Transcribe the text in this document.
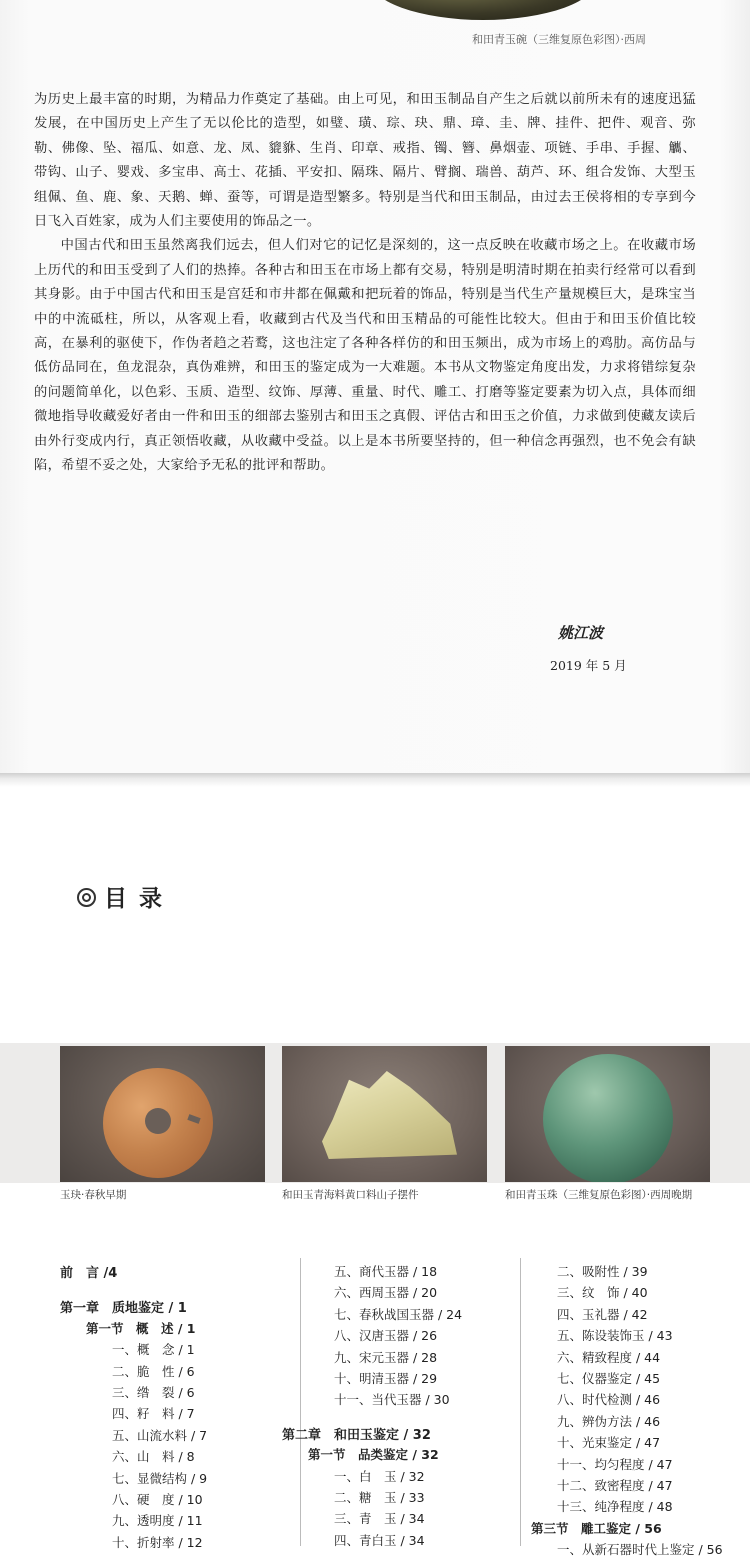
和田青玉碗（三维复原色彩图）·西周

为历史上最丰富的时期，为精品力作奠定了基础。由上可见，和田玉制品自产生之后就以前所未有的速度迅猛发展，在中国历史上产生了无以伦比的造型，如璧、璜、琮、玦、鼎、璋、圭、牌、挂件、把件、观音、弥勒、佛像、坠、福瓜、如意、龙、凤、貔貅、生肖、印章、戒指、镯、簪、鼻烟壶、项链、手串、手握、觿、带钩、山子、婴戏、多宝串、高士、花插、平安扣、隔珠、隔片、臂搁、瑞兽、葫芦、环、组合发饰、大型玉组佩、鱼、鹿、象、天鹅、蝉、蚕等，可谓是造型繁多。特别是当代和田玉制品，由过去王侯将相的专享到今日飞入百姓家，成为人们主要使用的饰品之一。

中国古代和田玉虽然离我们远去，但人们对它的记忆是深刻的，这一点反映在收藏市场之上。在收藏市场上历代的和田玉受到了人们的热捧。各种古和田玉在市场上都有交易，特别是明清时期在拍卖行经常可以看到其身影。由于中国古代和田玉是宫廷和市井都在佩戴和把玩着的饰品，特别是当代生产量规模巨大，是珠宝当中的中流砥柱，所以，从客观上看，收藏到古代及当代和田玉精品的可能性比较大。但由于和田玉价值比较高，在暴利的驱使下，作伪者趋之若鹜，这也注定了各种各样仿的和田玉频出，成为市场上的鸡肋。高仿品与低仿品同在，鱼龙混杂，真伪难辨，和田玉的鉴定成为一大难题。本书从文物鉴定角度出发，力求将错综复杂的问题简单化，以色彩、玉质、造型、纹饰、厚薄、重量、时代、雕工、打磨等鉴定要素为切入点，具体而细微地指导收藏爱好者由一件和田玉的细部去鉴别古和田玉之真假、评估古和田玉之价值，力求做到使藏友读后由外行变成内行，真正领悟收藏，从收藏中受益。以上是本书所要坚持的，但一种信念再强烈，也不免会有缺陷，希望不妥之处，大家给予无私的批评和帮助。

姚江波
2019 年 5 月
目 录
玉玦·春秋早期	和田玉青海料黄口料山子摆件	和田青玉珠（三维复原色彩图）·西周晚期
前　言 /4
第一章　质地鉴定 / 1
第一节　概　述 / 1
一、概　念 / 1
二、脆　性 / 6
三、绺　裂 / 6
四、籽　料 / 7
五、山流水料 / 7
六、山　料 / 8
七、显微结构 / 9
八、硬　度 / 10
九、透明度 / 11
十、折射率 / 12
五、商代玉器 / 18
六、西周玉器 / 20
七、春秋战国玉器 / 24
八、汉唐玉器 / 26
九、宋元玉器 / 28
十、明清玉器 / 29
十一、当代玉器 / 30
第二章　和田玉鉴定 / 32
第一节　品类鉴定 / 32
一、白　玉 / 32
二、糖　玉 / 33
三、青　玉 / 34
四、青白玉 / 34
二、吸附性 / 39
三、纹　饰 / 40
四、玉礼器 / 42
五、陈设装饰玉 / 43
六、精致程度 / 44
七、仪器鉴定 / 45
八、时代检测 / 46
九、辨伪方法 / 46
十、光束鉴定 / 47
十一、均匀程度 / 47
十二、致密程度 / 47
十三、纯净程度 / 48
第三节　雕工鉴定 / 56
一、从新石器时代上鉴定 / 56
